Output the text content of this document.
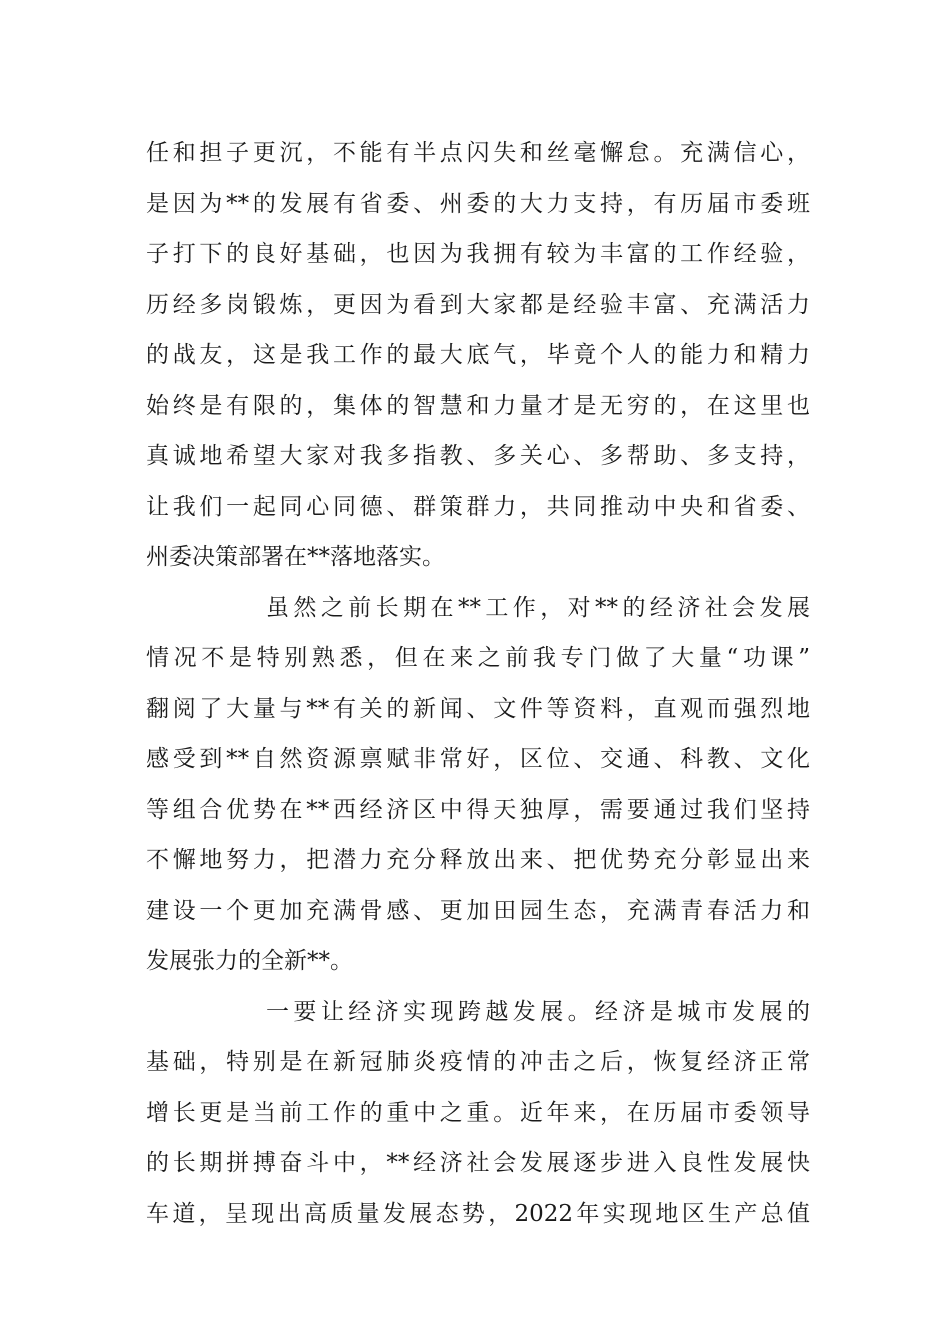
任和担子更沉，不能有半点闪失和丝毫懈怠。充满信心，
是因为**的发展有省委、州委的大力支持，有历届市委班
子打下的良好基础，也因为我拥有较为丰富的工作经验，
历经多岗锻炼，更因为看到大家都是经验丰富、充满活力
的战友，这是我工作的最大底气，毕竟个人的能力和精力
始终是有限的，集体的智慧和力量才是无穷的，在这里也
真诚地希望大家对我多指教、多关心、多帮助、多支持，
让我们一起同心同德、群策群力，共同推动中央和省委、
州委决策部署在**落地落实。
虽然之前长期在**工作，对**的经济社会发展
情况不是特别熟悉，但在来之前我专门做了大量“功课”
翻阅了大量与**有关的新闻、文件等资料，直观而强烈地
感受到**自然资源禀赋非常好，区位、交通、科教、文化
等组合优势在**西经济区中得天独厚，需要通过我们坚持
不懈地努力，把潜力充分释放出来、把优势充分彰显出来
建设一个更加充满骨感、更加田园生态，充满青春活力和
发展张力的全新**。
一要让经济实现跨越发展。经济是城市发展的
基础，特别是在新冠肺炎疫情的冲击之后，恢复经济正常
增长更是当前工作的重中之重。近年来，在历届市委领导
的长期拼搏奋斗中，**经济社会发展逐步进入良性发展快
车道，呈现出高质量发展态势，2022年实现地区生产总值
